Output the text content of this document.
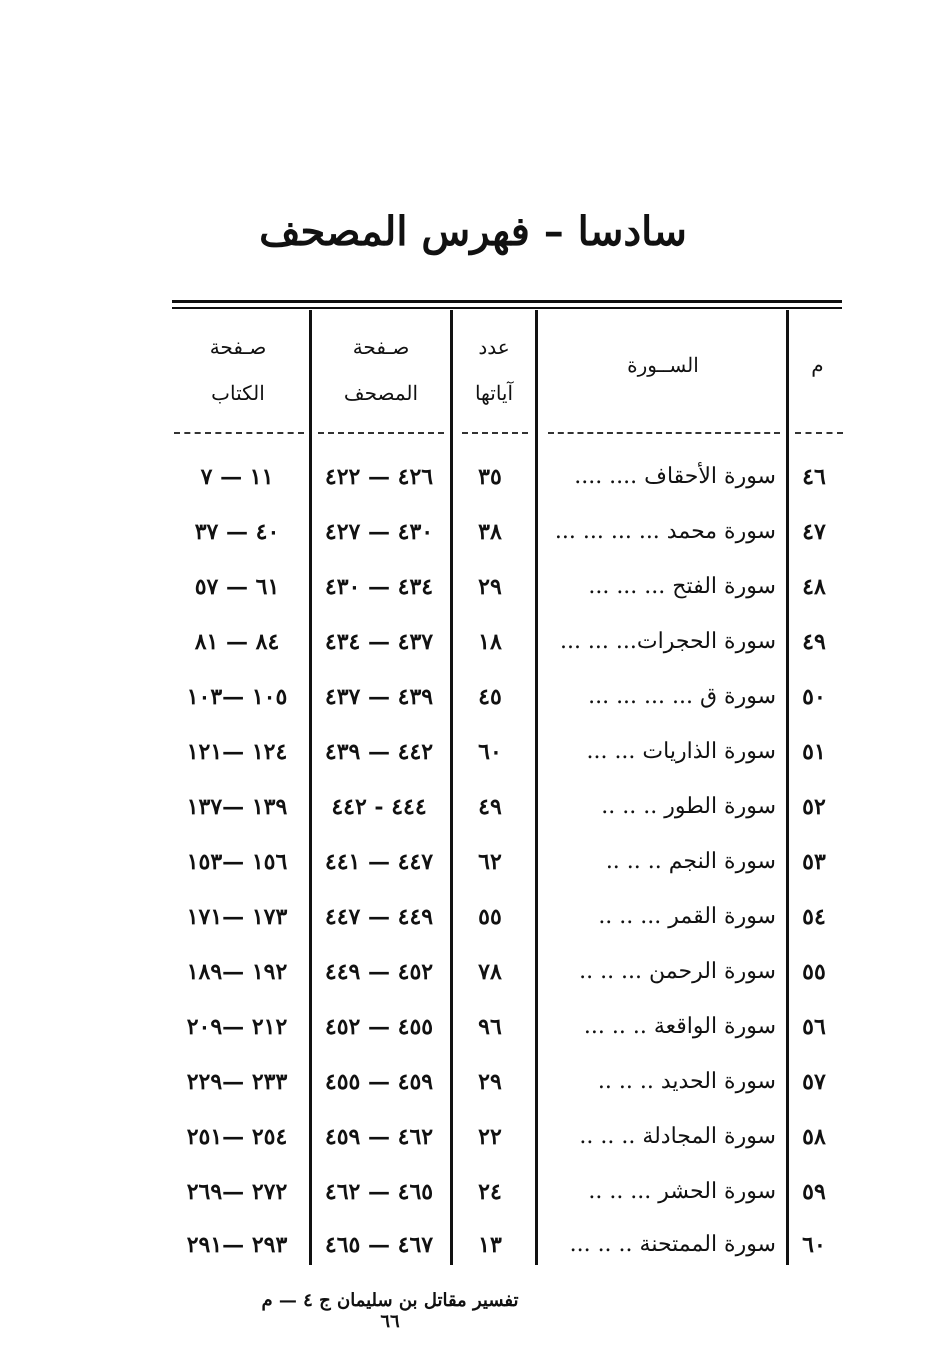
سادسا – فهرس المصحف
م
الســورة
عدد
آياتها
صـفحة
المصحف
صـفحة
الكتاب
٤٦
سورة الأحقاف .... ....
٣٥
٤٢٦ — ٤٢٢
١١ — ٧
٤٧
سورة محمد ... ... ... ...
٣٨
٤٣٠ — ٤٢٧
٤٠ — ٣٧
٤٨
سورة الفتح ... ... ...
٢٩
٤٣٤ — ٤٣٠
٦١ — ٥٧
٤٩
سورة الحجرات... ... ...
١٨
٤٣٧ — ٤٣٤
٨٤ — ٨١
٥٠
سورة ق ... ... ... ...
٤٥
٤٣٩ — ٤٣٧
١٠٥ —١٠٣
٥١
سورة الذاريات ... ...
٦٠
٤٤٢ — ٤٣٩
١٢٤ —١٢١
٥٢
سورة الطور .. .. ..
٤٩
٤٤٤ - ٤٤٢
١٣٩ —١٣٧
٥٣
سورة النجم .. .. ..
٦٢
٤٤٧ — ٤٤١
١٥٦ —١٥٣
٥٤
سورة القمر ... .. ..
٥٥
٤٤٩ — ٤٤٧
١٧٣ —١٧١
٥٥
سورة الرحمن ... .. ..
٧٨
٤٥٢ — ٤٤٩
١٩٢ —١٨٩
٥٦
سورة الواقعة .. .. ...
٩٦
٤٥٥ — ٤٥٢
٢١٢ —٢٠٩
٥٧
سورة الحديد .. .. ..
٢٩
٤٥٩ — ٤٥٥
٢٣٣ —٢٢٩
٥٨
سورة المجادلة .. .. ..
٢٢
٤٦٢ — ٤٥٩
٢٥٤ —٢٥١
٥٩
سورة الحشر ... .. ..
٢٤
٤٦٥ — ٤٦٢
٢٧٢ —٢٦٩
٦٠
سورة الممتحنة .. .. ...
١٣
٤٦٧ — ٤٦٥
٢٩٣ —٢٩١
تفسير مقاتل بن سليمان ج ٤ — م ٦٦
